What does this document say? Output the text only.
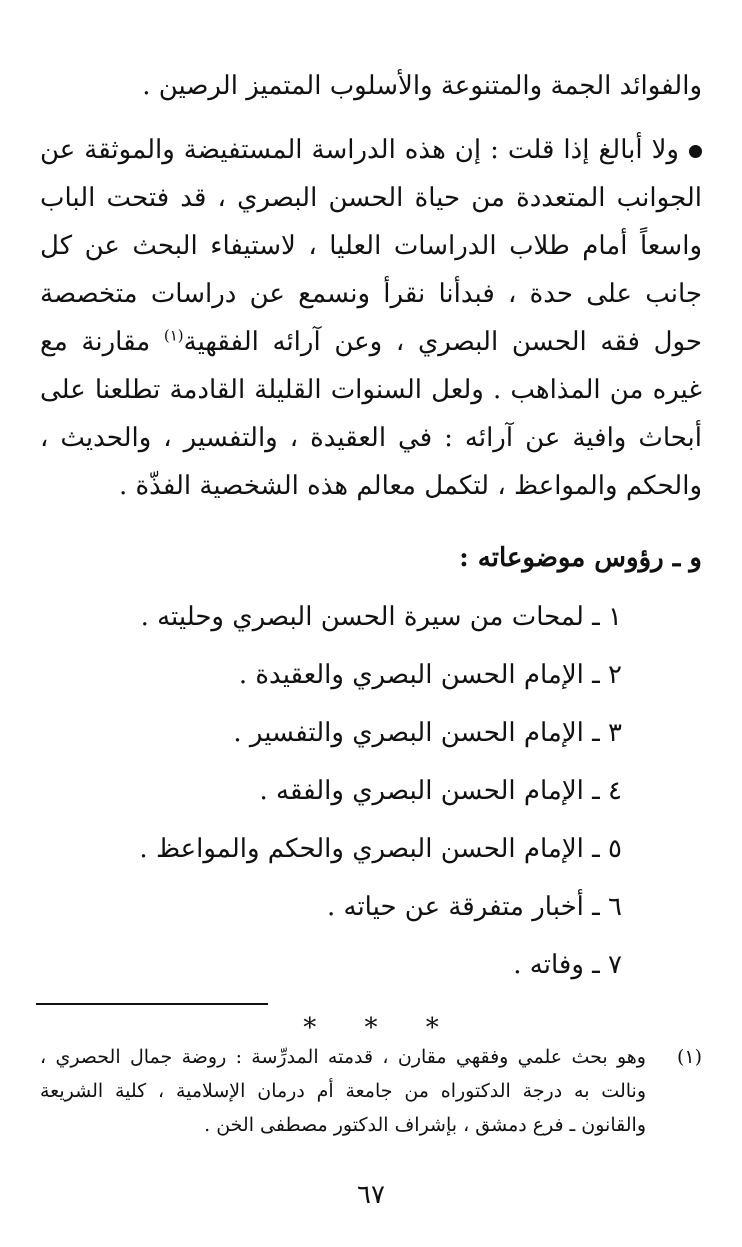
والفوائد الجمة والمتنوعة والأسلوب المتميز الرصين .

ولا أبالغ إذا قلت : إن هذه الدراسة المستفيضة والموثقة عن الجوانب المتعددة من حياة الحسن البصري ، قد فتحت الباب واسعاً أمام طلاب الدراسات العليا ، لاستيفاء البحث عن كل جانب على حدة ، فبدأنا نقرأ ونسمع عن دراسات متخصصة حول فقه الحسن البصري ، وعن آرائه الفقهية$^{(١)}$ مقارنة مع غيره من المذاهب . ولعل السنوات القليلة القادمة تطلعنا على أبحاث وافية عن آرائه : في العقيدة ، والتفسير ، والحديث ، والحكم والمواعظ ، لتكمل معالم هذه الشخصية الفذّة .

و ـ رؤوس موضوعاته :

١ ـ لمحات من سيرة الحسن البصري وحليته .
٢ ـ الإمام الحسن البصري والعقيدة .
٣ ـ الإمام الحسن البصري والتفسير .
٤ ـ الإمام الحسن البصري والفقه .
٥ ـ الإمام الحسن البصري والحكم والمواعظ .
٦ ـ أخبار متفرقة عن حياته .
٧ ـ وفاته .
* * *
(١)
وهو بحث علمي وفقهي مقارن ، قدمته المدرِّسة : روضة جمال الحصري ، ونالت به درجة الدكتوراه من جامعة أم درمان الإسلامية ، كلية الشريعة والقانون ـ فرع دمشق ، بإشراف الدكتور مصطفى الخن .
٦٧
